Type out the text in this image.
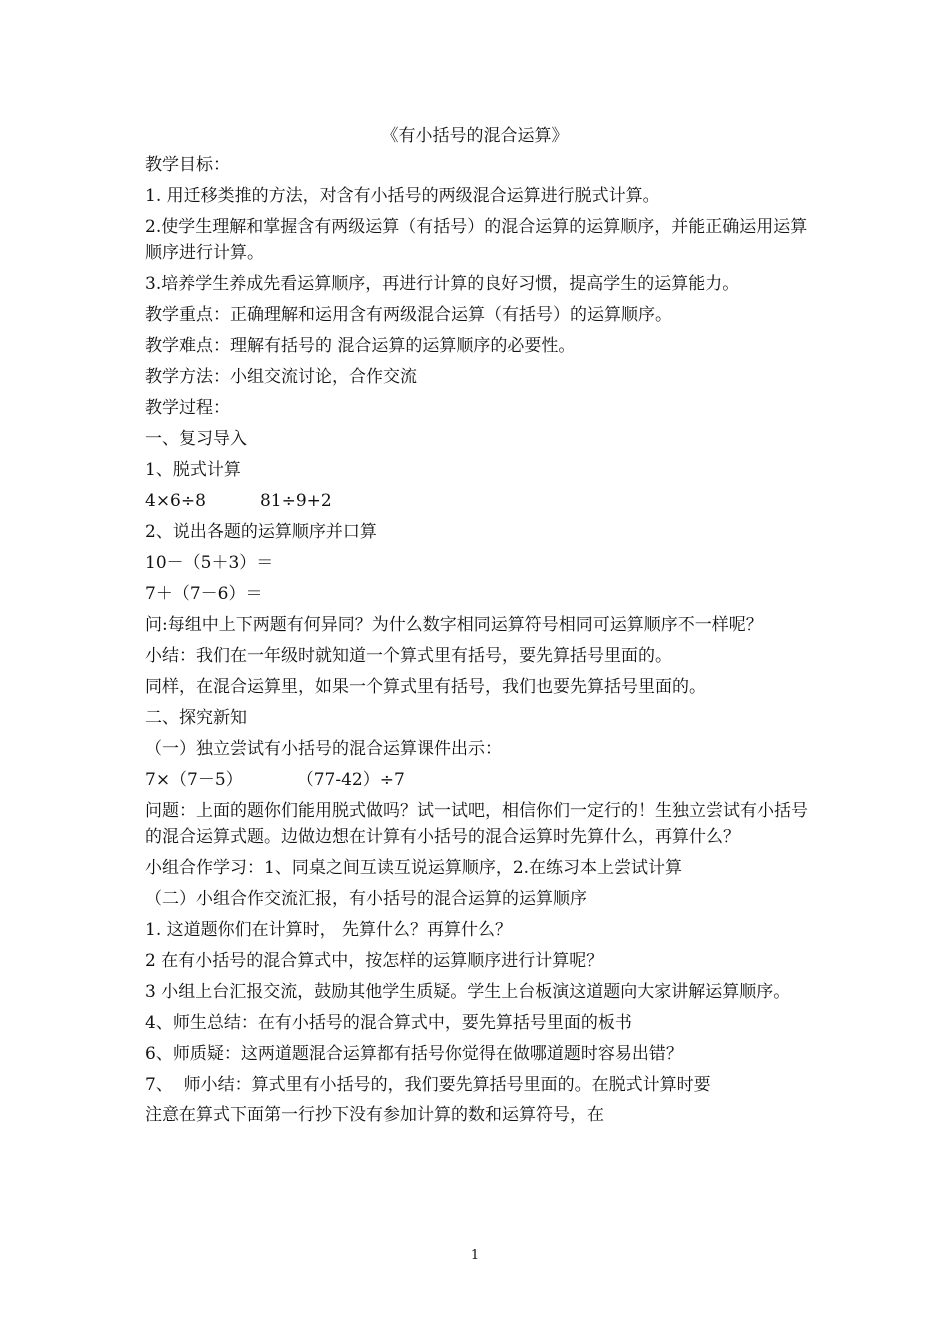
《有小括号的混合运算》

教学目标：

1. 用迁移类推的方法，对含有小括号的两级混合运算进行脱式计算。

2.使学生理解和掌握含有两级运算（有括号）的混合运算的运算顺序，并能正确运用运算顺序进行计算。

3.培养学生养成先看运算顺序，再进行计算的良好习惯，提高学生的运算能力。

教学重点：正确理解和运用含有两级混合运算（有括号）的运算顺序。

教学难点：理解有括号的 混合运算的运算顺序的必要性。

教学方法：小组交流讨论，合作交流

教学过程：

一、复习导入

1、脱式计算

4×6÷8          81÷9+2

2、说出各题的运算顺序并口算

10－（5＋3）＝

7＋（7－6）＝

问:每组中上下两题有何异同？为什么数字相同运算符号相同可运算顺序不一样呢？

小结：我们在一年级时就知道一个算式里有括号，要先算括号里面的。

同样，在混合运算里，如果一个算式里有括号，我们也要先算括号里面的。

二、探究新知

（一）独立尝试有小括号的混合运算课件出示：

7×（7－5）          （77-42）÷7

问题：上面的题你们能用脱式做吗？试一试吧，相信你们一定行的！生独立尝试有小括号的混合运算式题。边做边想在计算有小括号的混合运算时先算什么，再算什么？

小组合作学习：1、同桌之间互读互说运算顺序，2.在练习本上尝试计算

（二）小组合作交流汇报，有小括号的混合运算的运算顺序

1. 这道题你们在计算时， 先算什么？再算什么？

2 在有小括号的混合算式中，按怎样的运算顺序进行计算呢？

3 小组上台汇报交流，鼓励其他学生质疑。学生上台板演这道题向大家讲解运算顺序。

4、师生总结：在有小括号的混合算式中，要先算括号里面的板书

6、师质疑：这两道题混合运算都有括号你觉得在做哪道题时容易出错？

7、  师小结：算式里有小括号的，我们要先算括号里面的。在脱式计算时要

注意在算式下面第一行抄下没有参加计算的数和运算符号，在

1
